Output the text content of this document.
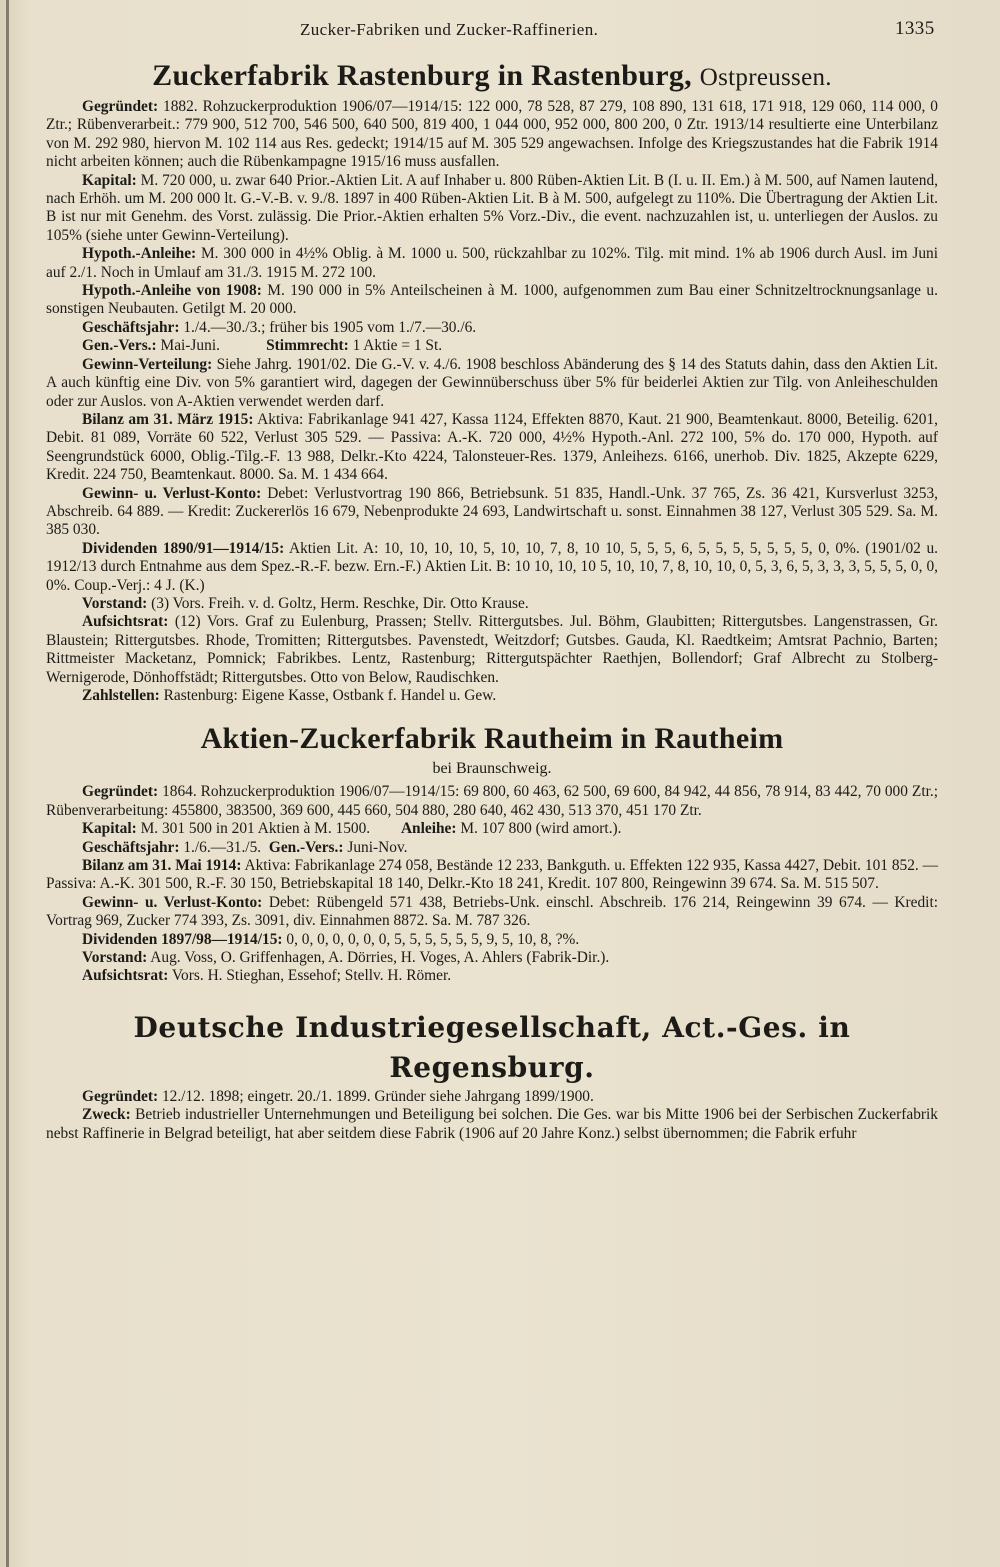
Zucker-Fabriken und Zucker-Raffinerien.	1335
Zuckerfabrik Rastenburg in Rastenburg, Ostpreussen.

Gegründet: 1882. Rohzuckerproduktion 1906/07—1914/15: 122 000, 78 528, 87 279, 108 890, 131 618, 171 918, 129 060, 114 000, 0 Ztr.; Rübenverarbeit.: 779 900, 512 700, 546 500, 640 500, 819 400, 1 044 000, 952 000, 800 200, 0 Ztr. 1913/14 resultierte eine Unterbilanz von M. 292 980, hiervon M. 102 114 aus Res. gedeckt; 1914/15 auf M. 305 529 angewachsen. Infolge des Kriegszustandes hat die Fabrik 1914 nicht arbeiten können; auch die Rübenkampagne 1915/16 muss ausfallen.

Kapital: M. 720 000, u. zwar 640 Prior.-Aktien Lit. A auf Inhaber u. 800 Rüben-Aktien Lit. B (I. u. II. Em.) à M. 500, auf Namen lautend, nach Erhöh. um M. 200 000 lt. G.-V.-B. v. 9./8. 1897 in 400 Rüben-Aktien Lit. B à M. 500, aufgelegt zu 110%. Die Übertragung der Aktien Lit. B ist nur mit Genehm. des Vorst. zulässig. Die Prior.-Aktien erhalten 5% Vorz.-Div., die event. nachzuzahlen ist, u. unterliegen der Auslos. zu 105% (siehe unter Gewinn-Verteilung).

Hypoth.-Anleihe: M. 300 000 in 4½% Oblig. à M. 1000 u. 500, rückzahlbar zu 102%. Tilg. mit mind. 1% ab 1906 durch Ausl. im Juni auf 2./1. Noch in Umlauf am 31./3. 1915 M. 272 100.

Hypoth.-Anleihe von 1908: M. 190 000 in 5% Anteilscheinen à M. 1000, aufgenommen zum Bau einer Schnitzeltrocknungsanlage u. sonstigen Neubauten. Getilgt M. 20 000.

Geschäftsjahr: 1./4.—30./3.; früher bis 1905 vom 1./7.—30./6.

Gen.-Vers.: Mai-Juni.	Stimmrecht: 1 Aktie = 1 St.

Gewinn-Verteilung: Siehe Jahrg. 1901/02. Die G.-V. v. 4./6. 1908 beschloss Abänderung des § 14 des Statuts dahin, dass den Aktien Lit. A auch künftig eine Div. von 5% garantiert wird, dagegen der Gewinnüberschuss über 5% für beiderlei Aktien zur Tilg. von Anleiheschulden oder zur Auslos. von A-Aktien verwendet werden darf.

Bilanz am 31. März 1915: Aktiva: Fabrikanlage 941 427, Kassa 1124, Effekten 8870, Kaut. 21 900, Beamtenkaut. 8000, Beteilig. 6201, Debit. 81 089, Vorräte 60 522, Verlust 305 529. — Passiva: A.-K. 720 000, 4½% Hypoth.-Anl. 272 100, 5% do. 170 000, Hypoth. auf Seengrundstück 6000, Oblig.-Tilg.-F. 13 988, Delkr.-Kto 4224, Talonsteuer-Res. 1379, Anleihezs. 6166, unerhob. Div. 1825, Akzepte 6229, Kredit. 224 750, Beamtenkaut. 8000. Sa. M. 1 434 664.

Gewinn- u. Verlust-Konto: Debet: Verlustvortrag 190 866, Betriebsunk. 51 835, Handl.-Unk. 37 765, Zs. 36 421, Kursverlust 3253, Abschreib. 64 889. — Kredit: Zuckererlös 16 679, Nebenprodukte 24 693, Landwirtschaft u. sonst. Einnahmen 38 127, Verlust 305 529. Sa. M. 385 030.

Dividenden 1890/91—1914/15: Aktien Lit. A: 10, 10, 10, 10, 5, 10, 10, 7, 8, 10 10, 5, 5, 5, 6, 5, 5, 5, 5, 5, 5, 5, 0, 0%. (1901/02 u. 1912/13 durch Entnahme aus dem Spez.-R.-F. bezw. Ern.-F.) Aktien Lit. B: 10 10, 10, 10 5, 10, 10, 7, 8, 10, 10, 0, 5, 3, 6, 5, 3, 3, 3, 5, 5, 5, 0, 0, 0%. Coup.-Verj.: 4 J. (K.)

Vorstand: (3) Vors. Freih. v. d. Goltz, Herm. Reschke, Dir. Otto Krause.

Aufsichtsrat: (12) Vors. Graf zu Eulenburg, Prassen; Stellv. Rittergutsbes. Jul. Böhm, Glaubitten; Rittergutsbes. Langenstrassen, Gr. Blaustein; Rittergutsbes. Rhode, Tromitten; Rittergutsbes. Pavenstedt, Weitzdorf; Gutsbes. Gauda, Kl. Raedtkeim; Amtsrat Pachnio, Barten; Rittmeister Macketanz, Pomnick; Fabrikbes. Lentz, Rastenburg; Rittergutspächter Raethjen, Bollendorf; Graf Albrecht zu Stolberg-Wernigerode, Dönhoffstädt; Rittergutsbes. Otto von Below, Raudischken.

Zahlstellen: Rastenburg: Eigene Kasse, Ostbank f. Handel u. Gew.

Aktien-Zuckerfabrik Rautheim in Rautheim
bei Braunschweig.

Gegründet: 1864. Rohzuckerproduktion 1906/07—1914/15: 69 800, 60 463, 62 500, 69 600, 84 942, 44 856, 78 914, 83 442, 70 000 Ztr.; Rübenverarbeitung: 455800, 383500, 369 600, 445 660, 504 880, 280 640, 462 430, 513 370, 451 170 Ztr.

Kapital: M. 301 500 in 201 Aktien à M. 1500. Anleihe: M. 107 800 (wird amort.).

Geschäftsjahr: 1./6.—31./5. Gen.-Vers.: Juni-Nov.

Bilanz am 31. Mai 1914: Aktiva: Fabrikanlage 274 058, Bestände 12 233, Bankguth. u. Effekten 122 935, Kassa 4427, Debit. 101 852. — Passiva: A.-K. 301 500, R.-F. 30 150, Betriebskapital 18 140, Delkr.-Kto 18 241, Kredit. 107 800, Reingewinn 39 674. Sa. M. 515 507.

Gewinn- u. Verlust-Konto: Debet: Rübengeld 571 438, Betriebs-Unk. einschl. Abschreib. 176 214, Reingewinn 39 674. — Kredit: Vortrag 969, Zucker 774 393, Zs. 3091, div. Einnahmen 8872. Sa. M. 787 326.

Dividenden 1897/98—1914/15: 0, 0, 0, 0, 0, 0, 0, 5, 5, 5, 5, 5, 5, 9, 5, 10, 8, ?%.

Vorstand: Aug. Voss, O. Griffenhagen, A. Dörries, H. Voges, A. Ahlers (Fabrik-Dir.).

Aufsichtsrat: Vors. H. Stieghan, Essehof; Stellv. H. Römer.

Deutsche Industriegesellschaft, Act.-Ges. in Regensburg.

Gegründet: 12./12. 1898; eingetr. 20./1. 1899. Gründer siehe Jahrgang 1899/1900.

Zweck: Betrieb industrieller Unternehmungen und Beteiligung bei solchen. Die Ges. war bis Mitte 1906 bei der Serbischen Zuckerfabrik nebst Raffinerie in Belgrad beteiligt, hat aber seitdem diese Fabrik (1906 auf 20 Jahre Konz.) selbst übernommen; die Fabrik erfuhr
